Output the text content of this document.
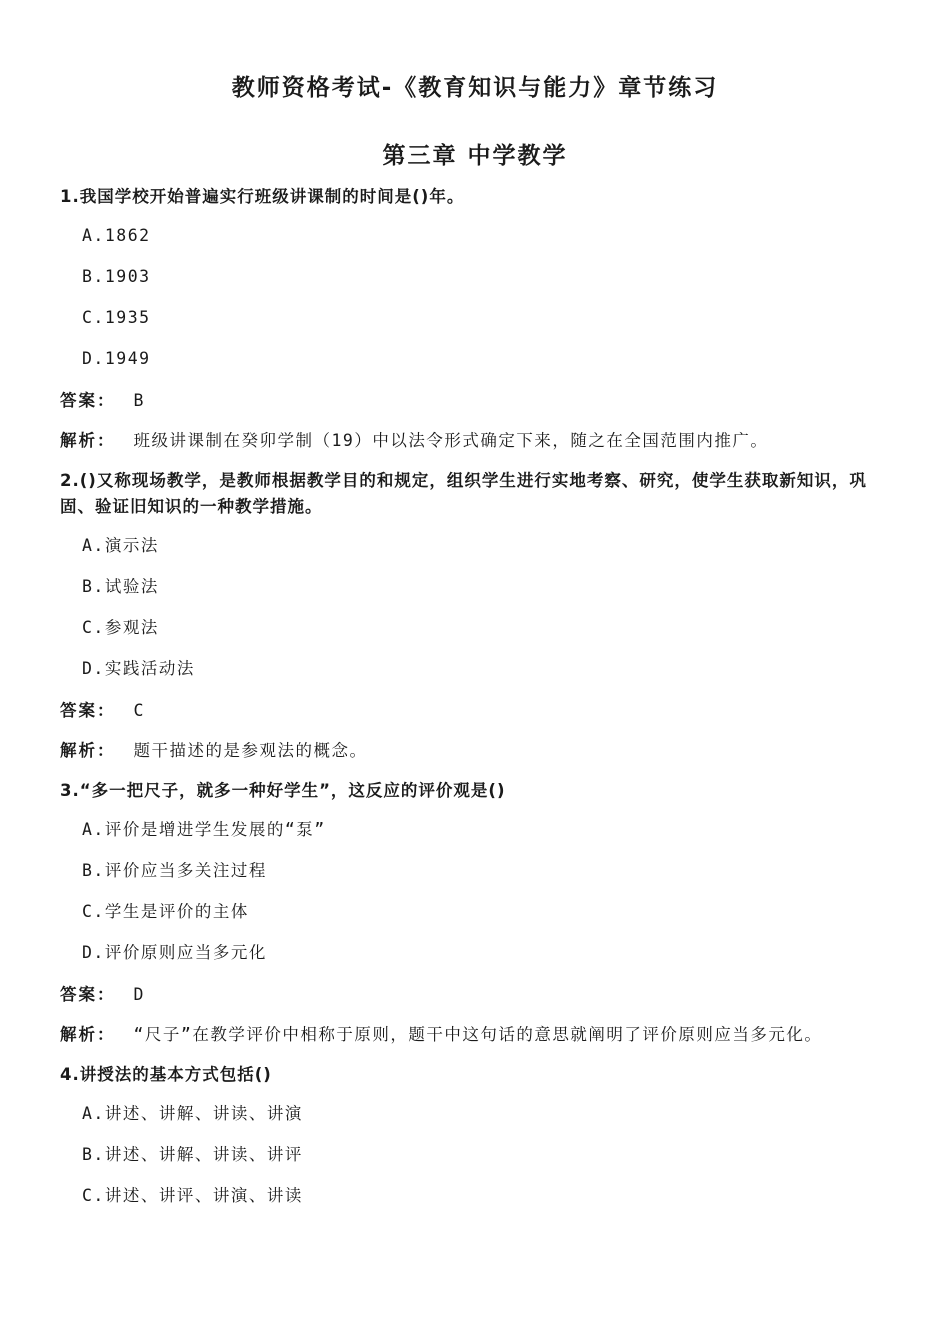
教师资格考试-《教育知识与能力》章节练习
第三章 中学教学
1.我国学校开始普遍实行班级讲课制的时间是()年。
A.1862
B.1903
C.1935
D.1949
答案： B
解析： 班级讲课制在癸卯学制（19）中以法令形式确定下来，随之在全国范围内推广。
2.()又称现场教学，是教师根据教学目的和规定，组织学生进行实地考察、研究，使学生获取新知识，巩固、验证旧知识的一种教学措施。
A.演示法
B.试验法
C.参观法
D.实践活动法
答案： C
解析： 题干描述的是参观法的概念。
3.“多一把尺子，就多一种好学生”，这反应的评价观是()
A.评价是增进学生发展的“泵”
B.评价应当多关注过程
C.学生是评价的主体
D.评价原则应当多元化
答案： D
解析： “尺子”在教学评价中相称于原则，题干中这句话的意思就阐明了评价原则应当多元化。
4.讲授法的基本方式包括()
A.讲述、讲解、讲读、讲演
B.讲述、讲解、讲读、讲评
C.讲述、讲评、讲演、讲读
